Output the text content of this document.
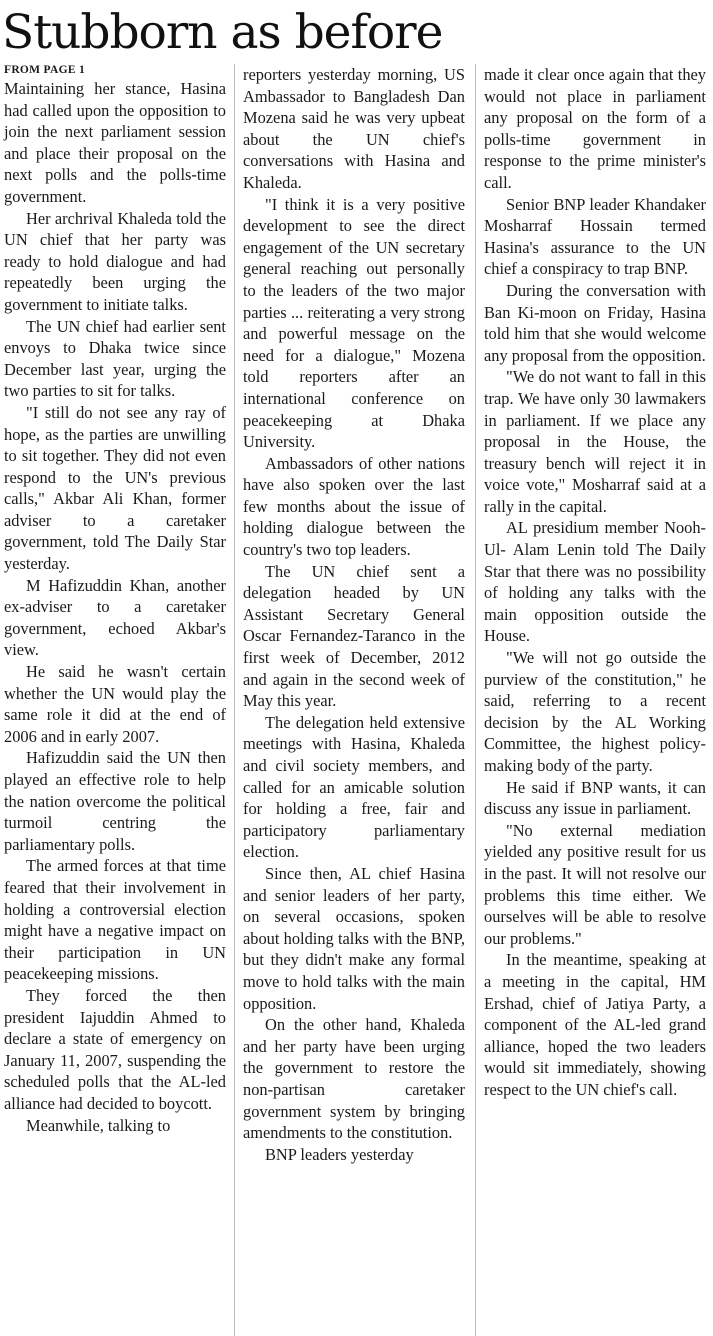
Stubborn as before
FROM PAGE 1

Maintaining her stance, Hasina had called upon the opposition to join the next parliament session and place their proposal on the next polls and the polls-time government.

Her archrival Khaleda told the UN chief that her party was ready to hold dialogue and had repeatedly been urging the government to initiate talks.

The UN chief had earlier sent envoys to Dhaka twice since December last year, urging the two parties to sit for talks.

"I still do not see any ray of hope, as the parties are unwilling to sit together. They did not even respond to the UN's previous calls," Akbar Ali Khan, former adviser to a caretaker government, told The Daily Star yesterday.

M Hafizuddin Khan, another ex-adviser to a caretaker government, echoed Akbar's view.

He said he wasn't certain whether the UN would play the same role it did at the end of 2006 and in early 2007.

Hafizuddin said the UN then played an effective role to help the nation overcome the political turmoil centring the parliamentary polls.

The armed forces at that time feared that their involvement in holding a controversial election might have a negative impact on their participation in UN peacekeeping missions.

They forced the then president Iajuddin Ahmed to declare a state of emergency on January 11, 2007, suspending the scheduled polls that the AL-led alliance had decided to boycott.

Meanwhile, talking to

reporters yesterday morning, US Ambassador to Bangladesh Dan Mozena said he was very upbeat about the UN chief's conversations with Hasina and Khaleda.

"I think it is a very positive development to see the direct engagement of the UN secretary general reaching out personally to the leaders of the two major parties ... reiterating a very strong and powerful message on the need for a dialogue," Mozena told reporters after an international conference on peacekeeping at Dhaka University.

Ambassadors of other nations have also spoken over the last few months about the issue of holding dialogue between the country's two top leaders.

The UN chief sent a delegation headed by UN Assistant Secretary General Oscar Fernandez-Taranco in the first week of December, 2012 and again in the second week of May this year.

The delegation held extensive meetings with Hasina, Khaleda and civil society members, and called for an amicable solution for holding a free, fair and participatory parliamentary election.

Since then, AL chief Hasina and senior leaders of her party, on several occasions, spoken about holding talks with the BNP, but they didn't make any formal move to hold talks with the main opposition.

On the other hand, Khaleda and her party have been urging the government to restore the non-partisan caretaker government system by bringing amendments to the constitution.

BNP leaders yesterday

made it clear once again that they would not place in parliament any proposal on the form of a polls-time government in response to the prime minister's call.

Senior BNP leader Khandaker Mosharraf Hossain termed Hasina's assurance to the UN chief a conspiracy to trap BNP.

During the conversation with Ban Ki-moon on Friday, Hasina told him that she would welcome any proposal from the opposition.

"We do not want to fall in this trap. We have only 30 lawmakers in parliament. If we place any proposal in the House, the treasury bench will reject it in voice vote," Mosharraf said at a rally in the capital.

AL presidium member Nooh-Ul- Alam Lenin told The Daily Star that there was no possibility of holding any talks with the main opposition outside the House.

"We will not go outside the purview of the constitution," he said, referring to a recent decision by the AL Working Committee, the highest policy-making body of the party.

He said if BNP wants, it can discuss any issue in parliament.

"No external mediation yielded any positive result for us in the past. It will not resolve our problems this time either. We ourselves will be able to resolve our problems."

In the meantime, speaking at a meeting in the capital, HM Ershad, chief of Jatiya Party, a component of the AL-led grand alliance, hoped the two leaders would sit immediately, showing respect to the UN chief's call.
